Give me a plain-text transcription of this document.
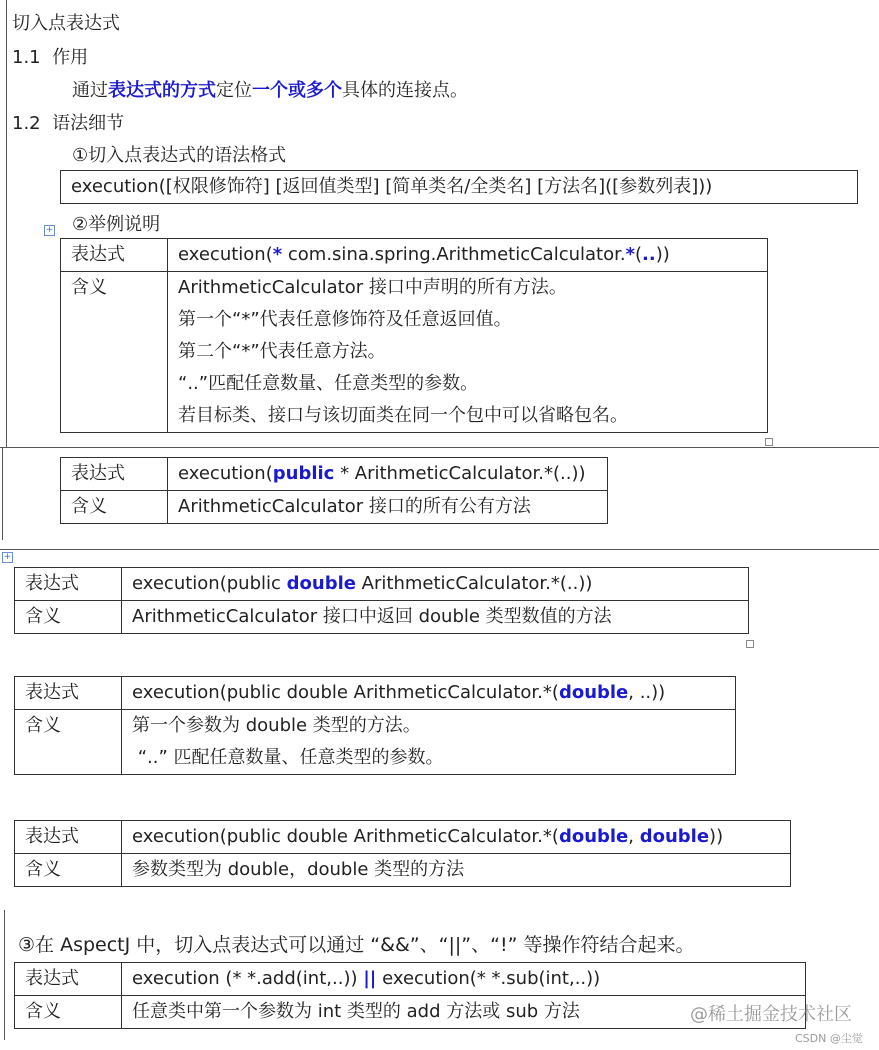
切入点表达式
1.1 作用
通过表达式的方式定位一个或多个具体的连接点。
1.2 语法细节
①切入点表达式的语法格式
execution([权限修饰符] [返回值类型] [简单类名/全类名] [方法名]([参数列表]))
+ ②举例说明
表达式	execution(* com.sina.spring.ArithmeticCalculator.*(..))

含义	ArithmeticCalculator 接口中声明的所有方法。
第一个“*”代表任意修饰符及任意返回值。
第二个“*”代表任意方法。
“..”匹配任意数量、任意类型的参数。
若目标类、接口与该切面类在同一个包中可以省略包名。
表达式	execution(public * ArithmeticCalculator.*(..))

含义	ArithmeticCalculator 接口的所有公有方法
+
表达式	execution(public double ArithmeticCalculator.*(..))

含义	ArithmeticCalculator 接口中返回 double 类型数值的方法
表达式	execution(public double ArithmeticCalculator.*(double, ..))

含义	第一个参数为 double 类型的方法。
“..” 匹配任意数量、任意类型的参数。
表达式	execution(public double ArithmeticCalculator.*(double, double))

含义	参数类型为 double，double 类型的方法
③在 AspectJ 中，切入点表达式可以通过 “&&”、“||”、“!” 等操作符结合起来。
表达式	execution (* *.add(int,..)) || execution(* *.sub(int,..))

含义	任意类中第一个参数为 int 类型的 add 方法或 sub 方法	@稀土掘金技术社区
CSDN @尘觉
